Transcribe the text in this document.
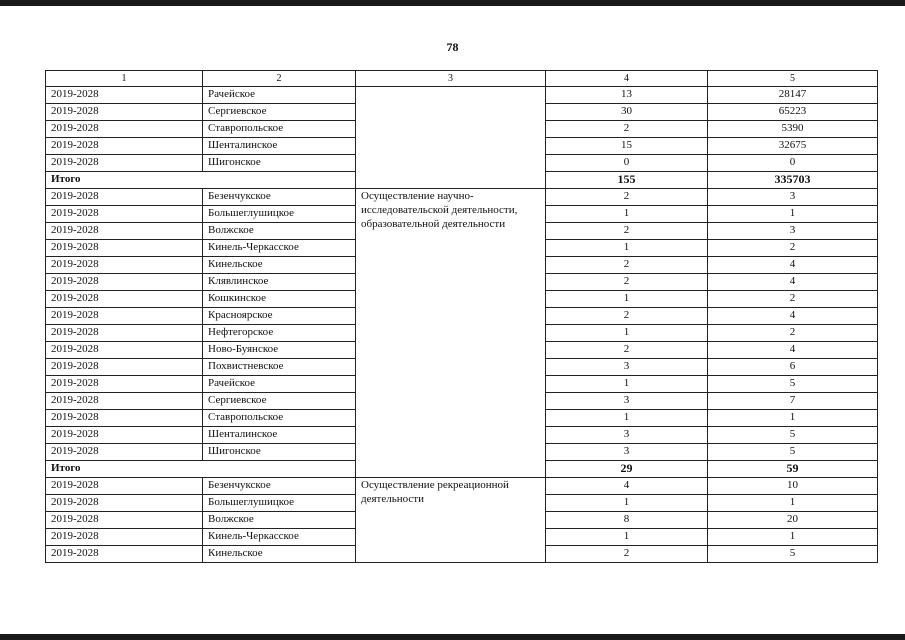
78
1	2	3	4	5
2019-2028	Рачейское		13	28147
2019-2028	Сергиевское		30	65223
2019-2028	Ставропольское		2	5390
2019-2028	Шенталинское		15	32675
2019-2028	Шигонское		0	0
Итого			155	335703
2019-2028	Безенчукское	Осуществление научно-исследовательской деятельности, образовательной деятельности	2	3
2019-2028	Большеглушицкое		1	1
2019-2028	Волжское		2	3
2019-2028	Кинель-Черкасское		1	2
2019-2028	Кинельское		2	4
2019-2028	Клявлинское		2	4
2019-2028	Кошкинское		1	2
2019-2028	Красноярское		2	4
2019-2028	Нефтегорское		1	2
2019-2028	Ново-Буянское		2	4
2019-2028	Похвистневское		3	6
2019-2028	Рачейское		1	5
2019-2028	Сергиевское		3	7
2019-2028	Ставропольское		1	1
2019-2028	Шенталинское		3	5
2019-2028	Шигонское		3	5
Итого			29	59
2019-2028	Безенчукское	Осуществление рекреационной деятельности	4	10
2019-2028	Большеглушицкое		1	1
2019-2028	Волжское		8	20
2019-2028	Кинель-Черкасское		1	1
2019-2028	Кинельское		2	5
